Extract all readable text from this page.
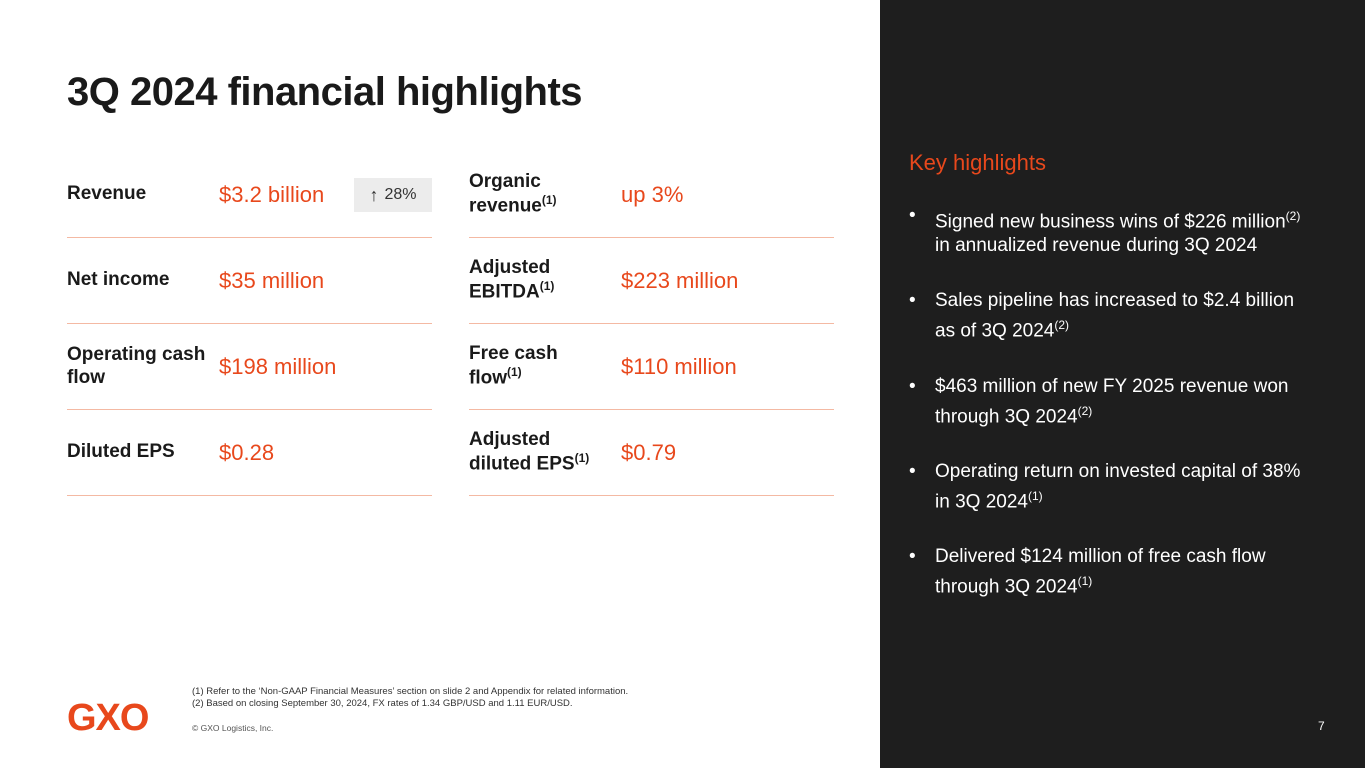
3Q 2024 financial highlights
Revenue	$3.2 billion	↑ 28%
Net income	$35 million
Operating cash flow	$198 million
Diluted EPS	$0.28
Organic revenue$^{(1)}$	up 3%
Adjusted EBITDA$^{(1)}$	$223 million
Free cash flow$^{(1)}$	$110 million
Adjusted diluted EPS$^{(1)}$	$0.79
Key highlights
• Signed new business wins of $226 million$^{(2)}$ in annualized revenue during 3Q 2024
• Sales pipeline has increased to $2.4 billion as of 3Q 2024$^{(2)}$
• $463 million of new FY 2025 revenue won through 3Q 2024$^{(2)}$
• Operating return on invested capital of 38% in 3Q 2024$^{(1)}$
• Delivered $124 million of free cash flow through 3Q 2024$^{(1)}$
GXO
(1) Refer to the ‘Non-GAAP Financial Measures’ section on slide 2 and Appendix for related information.
(2) Based on closing September 30, 2024, FX rates of 1.34 GBP/USD and 1.11 EUR/USD.
© GXO Logistics, Inc.	7
